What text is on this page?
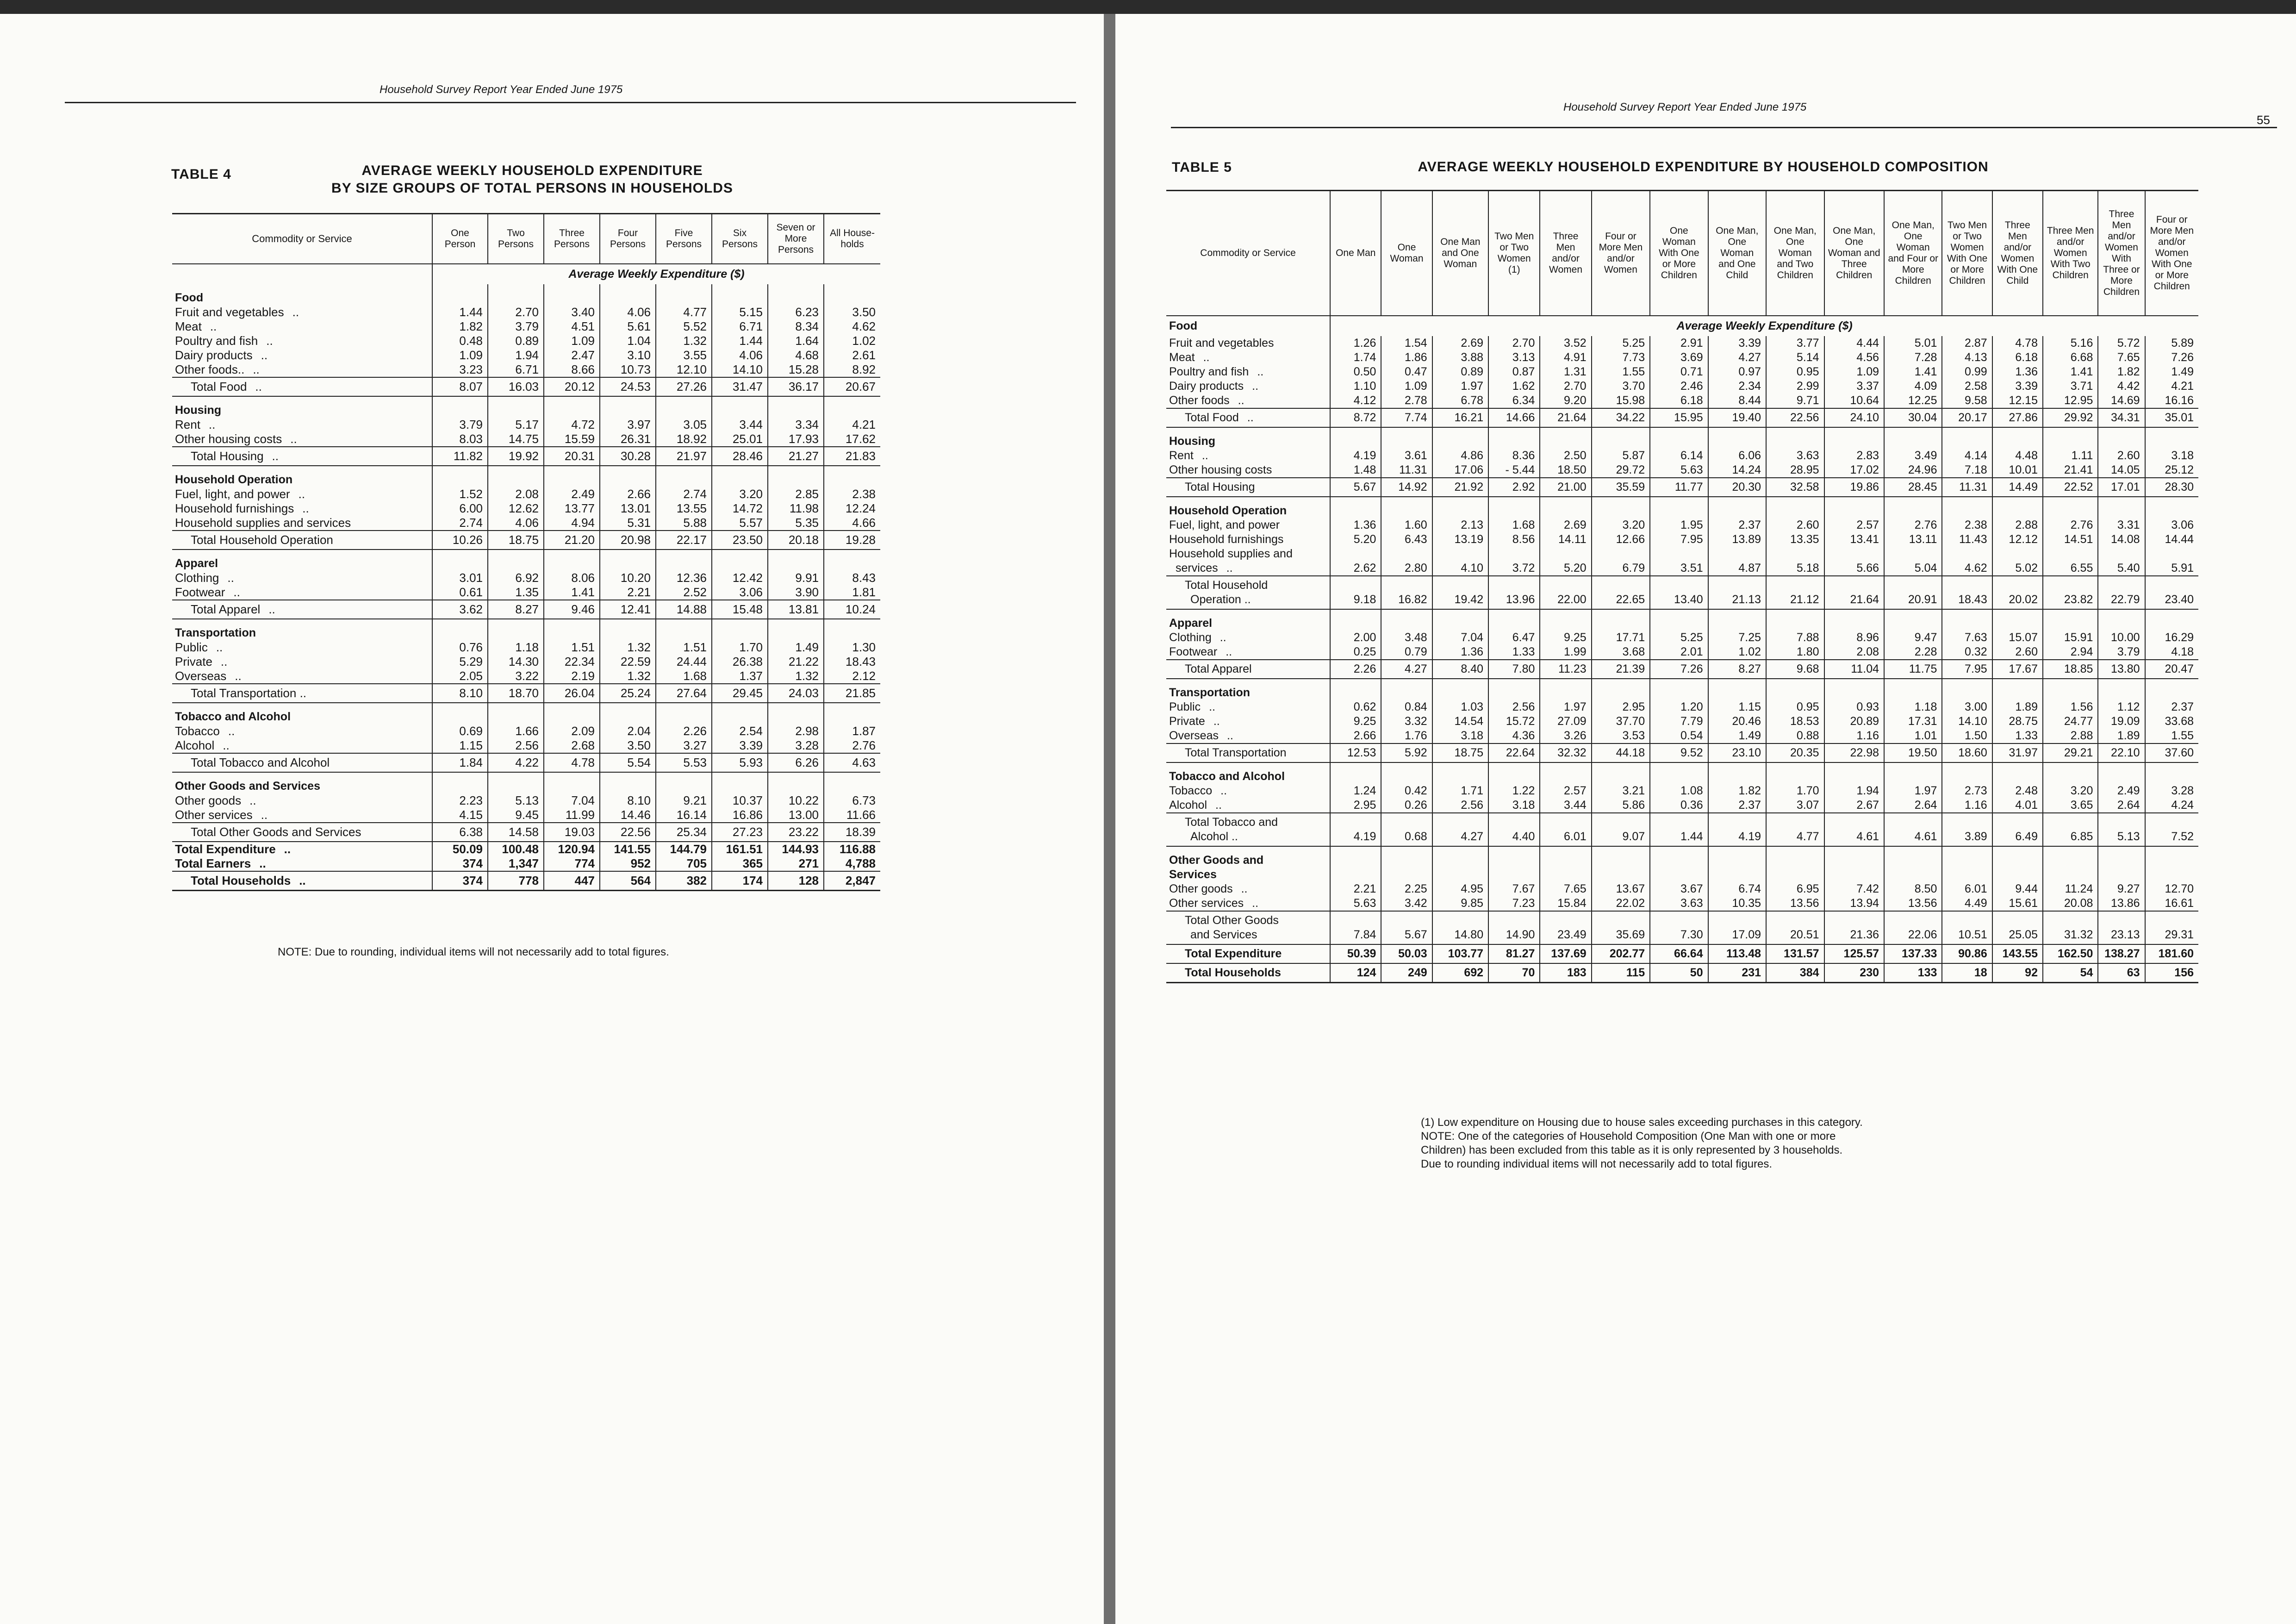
Household Survey Report Year Ended June 1975
TABLE 4	AVERAGE WEEKLY HOUSEHOLD EXPENDITURE
BY SIZE GROUPS OF TOTAL PERSONS IN HOUSEHOLDS
Commodity or Service	One Person	Two Persons	Three Persons	Four Persons	Five Persons	Six Persons	Seven or More Persons	All House-holds
	Average Weekly Expenditure ($)							
Food								
Fruit and vegetables ..	1.44	2.70	3.40	4.06	4.77	5.15	6.23	3.50
Meat ..	1.82	3.79	4.51	5.61	5.52	6.71	8.34	4.62
Poultry and fish ..	0.48	0.89	1.09	1.04	1.32	1.44	1.64	1.02
Dairy products ..	1.09	1.94	2.47	3.10	3.55	4.06	4.68	2.61
Other foods.. ..	3.23	6.71	8.66	10.73	12.10	14.10	15.28	8.92
Total Food ..	8.07	16.03	20.12	24.53	27.26	31.47	36.17	20.67
Housing								
Rent ..	3.79	5.17	4.72	3.97	3.05	3.44	3.34	4.21
Other housing costs ..	8.03	14.75	15.59	26.31	18.92	25.01	17.93	17.62
Total Housing ..	11.82	19.92	20.31	30.28	21.97	28.46	21.27	21.83
Household Operation								
Fuel, light, and power ..	1.52	2.08	2.49	2.66	2.74	3.20	2.85	2.38
Household furnishings ..	6.00	12.62	13.77	13.01	13.55	14.72	11.98	12.24
Household supplies and services	2.74	4.06	4.94	5.31	5.88	5.57	5.35	4.66
Total Household Operation	10.26	18.75	21.20	20.98	22.17	23.50	20.18	19.28
Apparel								
Clothing ..	3.01	6.92	8.06	10.20	12.36	12.42	9.91	8.43
Footwear ..	0.61	1.35	1.41	2.21	2.52	3.06	3.90	1.81
Total Apparel ..	3.62	8.27	9.46	12.41	14.88	15.48	13.81	10.24
Transportation								
Public ..	0.76	1.18	1.51	1.32	1.51	1.70	1.49	1.30
Private ..	5.29	14.30	22.34	22.59	24.44	26.38	21.22	18.43
Overseas ..	2.05	3.22	2.19	1.32	1.68	1.37	1.32	2.12
Total Transportation ..	8.10	18.70	26.04	25.24	27.64	29.45	24.03	21.85
Tobacco and Alcohol								
Tobacco ..	0.69	1.66	2.09	2.04	2.26	2.54	2.98	1.87
Alcohol ..	1.15	2.56	2.68	3.50	3.27	3.39	3.28	2.76
Total Tobacco and Alcohol	1.84	4.22	4.78	5.54	5.53	5.93	6.26	4.63
Other Goods and Services								
Other goods ..	2.23	5.13	7.04	8.10	9.21	10.37	10.22	6.73
Other services ..	4.15	9.45	11.99	14.46	16.14	16.86	13.00	11.66
Total Other Goods and Services	6.38	14.58	19.03	22.56	25.34	27.23	23.22	18.39
Total Expenditure ..	50.09	100.48	120.94	141.55	144.79	161.51	144.93	116.88
Total Earners ..	374	1,347	774	952	705	365	271	4,788
Total Households ..	374	778	447	564	382	174	128	2,847
NOTE: Due to rounding, individual items will not necessarily add to total figures.
Household Survey Report Year Ended June 1975
55
TABLE 5	AVERAGE WEEKLY HOUSEHOLD EXPENDITURE BY HOUSEHOLD COMPOSITION
Commodity or Service	One Man	One Woman	One Man and One Woman	Two Men or Two Women (1)	Three Men and/or Women	Four or More Men and/or Women	One Woman With One or More Children	One Man, One Woman and One Child	One Man, One Woman and Two Children	One Man, One Woman and Three Children	One Man, One Woman and Four or More Children	Two Men or Two Women With One or More Children	Three Men and/or Women With One Child	Three Men and/or Women With Two Children	Three Men and/or Women With Three or More Children	Four or More Men and/or Women With One or More Children
Food	Average Weekly Expenditure ($)															
Fruit and vegetables	1.26	1.54	2.69	2.70	3.52	5.25	2.91	3.39	3.77	4.44	5.01	2.87	4.78	5.16	5.72	5.89
Meat ..	1.74	1.86	3.88	3.13	4.91	7.73	3.69	4.27	5.14	4.56	7.28	4.13	6.18	6.68	7.65	7.26
Poultry and fish ..	0.50	0.47	0.89	0.87	1.31	1.55	0.71	0.97	0.95	1.09	1.41	0.99	1.36	1.41	1.82	1.49
Dairy products ..	1.10	1.09	1.97	1.62	2.70	3.70	2.46	2.34	2.99	3.37	4.09	2.58	3.39	3.71	4.42	4.21
Other foods ..	4.12	2.78	6.78	6.34	9.20	15.98	6.18	8.44	9.71	10.64	12.25	9.58	12.15	12.95	14.69	16.16
Total Food ..	8.72	7.74	16.21	14.66	21.64	34.22	15.95	19.40	22.56	24.10	30.04	20.17	27.86	29.92	34.31	35.01
Housing																
Rent ..	4.19	3.61	4.86	8.36	2.50	5.87	6.14	6.06	3.63	2.83	3.49	4.14	4.48	1.11	2.60	3.18
Other housing costs	1.48	11.31	17.06	- 5.44	18.50	29.72	5.63	14.24	28.95	17.02	24.96	7.18	10.01	21.41	14.05	25.12
Total Housing	5.67	14.92	21.92	2.92	21.00	35.59	11.77	20.30	32.58	19.86	28.45	11.31	14.49	22.52	17.01	28.30
Household Operation																
Fuel, light, and power	1.36	1.60	2.13	1.68	2.69	3.20	1.95	2.37	2.60	2.57	2.76	2.38	2.88	2.76	3.31	3.06
Household furnishings	5.20	6.43	13.19	8.56	14.11	12.66	7.95	13.89	13.35	13.41	13.11	11.43	12.12	14.51	14.08	14.44
Household supplies and																
services ..	2.62	2.80	4.10	3.72	5.20	6.79	3.51	4.87	5.18	5.66	5.04	4.62	5.02	6.55	5.40	5.91
Total Household
Operation ..	9.18	16.82	19.42	13.96	22.00	22.65	13.40	21.13	21.12	21.64	20.91	18.43	20.02	23.82	22.79	23.40
Apparel																
Clothing ..	2.00	3.48	7.04	6.47	9.25	17.71	5.25	7.25	7.88	8.96	9.47	7.63	15.07	15.91	10.00	16.29
Footwear ..	0.25	0.79	1.36	1.33	1.99	3.68	2.01	1.02	1.80	2.08	2.28	0.32	2.60	2.94	3.79	4.18
Total Apparel	2.26	4.27	8.40	7.80	11.23	21.39	7.26	8.27	9.68	11.04	11.75	7.95	17.67	18.85	13.80	20.47
Transportation																
Public ..	0.62	0.84	1.03	2.56	1.97	2.95	1.20	1.15	0.95	0.93	1.18	3.00	1.89	1.56	1.12	2.37
Private ..	9.25	3.32	14.54	15.72	27.09	37.70	7.79	20.46	18.53	20.89	17.31	14.10	28.75	24.77	19.09	33.68
Overseas ..	2.66	1.76	3.18	4.36	3.26	3.53	0.54	1.49	0.88	1.16	1.01	1.50	1.33	2.88	1.89	1.55
Total Transportation	12.53	5.92	18.75	22.64	32.32	44.18	9.52	23.10	20.35	22.98	19.50	18.60	31.97	29.21	22.10	37.60
Tobacco and Alcohol																
Tobacco ..	1.24	0.42	1.71	1.22	2.57	3.21	1.08	1.82	1.70	1.94	1.97	2.73	2.48	3.20	2.49	3.28
Alcohol ..	2.95	0.26	2.56	3.18	3.44	5.86	0.36	2.37	3.07	2.67	2.64	1.16	4.01	3.65	2.64	4.24
Total Tobacco and
Alcohol ..	4.19	0.68	4.27	4.40	6.01	9.07	1.44	4.19	4.77	4.61	4.61	3.89	6.49	6.85	5.13	7.52
Other Goods and																
Services																
Other goods ..	2.21	2.25	4.95	7.67	7.65	13.67	3.67	6.74	6.95	7.42	8.50	6.01	9.44	11.24	9.27	12.70
Other services ..	5.63	3.42	9.85	7.23	15.84	22.02	3.63	10.35	13.56	13.94	13.56	4.49	15.61	20.08	13.86	16.61
Total Other Goods
and Services	7.84	5.67	14.80	14.90	23.49	35.69	7.30	17.09	20.51	21.36	22.06	10.51	25.05	31.32	23.13	29.31
Total Expenditure	50.39	50.03	103.77	81.27	137.69	202.77	66.64	113.48	131.57	125.57	137.33	90.86	143.55	162.50	138.27	181.60
Total Households	124	249	692	70	183	115	50	231	384	230	133	18	92	54	63	156
(1) Low expenditure on Housing due to house sales exceeding purchases in this category.
NOTE: One of the categories of Household Composition (One Man with one or more
Children) has been excluded from this table as it is only represented by 3 households.
Due to rounding individual items will not necessarily add to total figures.
